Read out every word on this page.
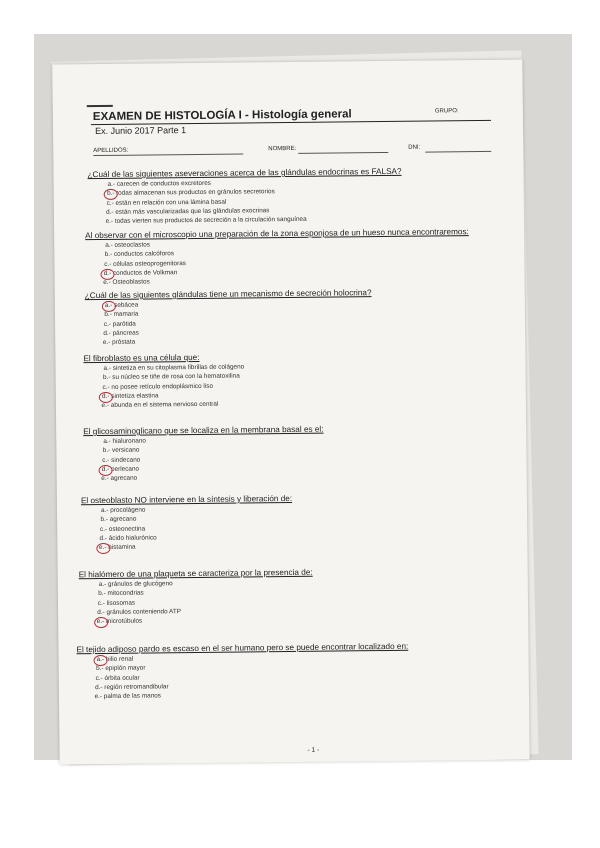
EXAMEN DE HISTOLOGÍA I - Histología general	GRUPO:
Ex. Junio 2017 Parte 1
APELLIDOS:	NOMBRE:	DNI:
¿Cuál de las siguientes aseveraciones acerca de las glándulas endocrinas es FALSA?
a.- carecen de conductos excretores
b.- todas almacenan sus productos en gránulos secretorios
c.- están en relación con una lámina basal
d.- están más vascularizadas que las glándulas exocrinas
e.- todas vierten sus productos de secreción a la circulación sanguínea
Al observar con el microscopio una preparación de la zona esponjosa de un hueso nunca encontraremos:
a.- osteoclastos
b.- conductos calcóforos
c.- células osteoprogenitoras
d.- conductos de Volkman
e.- Osteoblastos
¿Cuál de las siguientes glándulas tiene un mecanismo de secreción holocrina?
a.- sebácea
b.- mamaria
c.- parótida
d.- páncreas
e.- próstata
El fibroblasto es una célula que:
a.- sintetiza en su citoplasma fibrillas de colágeno
b.- su núcleo se tiñe de rosa con la hematoxilina
c.- no posee retículo endoplásmico liso
d.- sintetiza elastina
e.- abunda en el sistema nervioso central
El glicosaminoglicano que se localiza en la membrana basal es el:
a.- hialuronano
b.- versicano
c.- sindecano
d.- perlecano
e.- agrecano
El osteoblasto NO interviene en la síntesis y liberación de:
a.- procolágeno
b.- agrecano
c.- osteonectina
d.- ácido hialurónico
e.- histamina
El hialómero de una plaqueta se caracteriza por la presencia de:
a.- gránulos de glucógeno
b.- mitocondrias
c.- lisosomas
d.- gránulos conteniendo ATP
e.- microtúbulos
El tejido adiposo pardo es escaso en el ser humano pero se puede encontrar localizado en:
a.- hilio renal
b.- epiplón mayor
c.- órbita ocular
d.- región retromandibular
e.- palma de las manos
- 1 -
